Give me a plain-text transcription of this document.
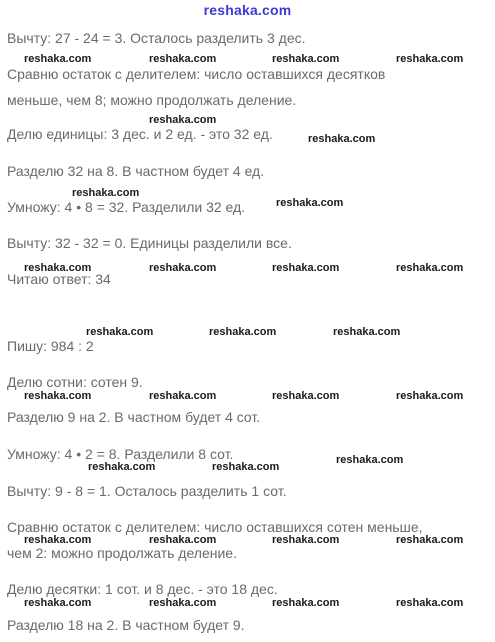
reshaka.com
Вычту: 27 - 24 = 3. Осталось разделить 3 дес.
Сравню остаток с делителем: число оставшихся десятков
меньше, чем 8; можно продолжать деление.
Делю единицы: 3 дес. и 2 ед. - это 32 ед.
Разделю 32 на 8. В частном будет 4 ед.
Умножу: 4 • 8 = 32. Разделили 32 ед.
Вычту: 32 - 32 = 0. Единицы разделили все.
Читаю ответ: 34
Пишу: 984 : 2
Делю сотни: сотен 9.
Разделю 9 на 2. В частном будет 4 сот.
Умножу: 4 • 2 = 8. Разделили 8 сот.
Вычту: 9 - 8 = 1. Осталось разделить 1 сот.
Сравню остаток с делителем: число оставшихся сотен меньше,
чем 2: можно продолжать деление.
Делю десятки: 1 сот. и 8 дес. - это 18 дес.
Разделю 18 на 2. В частном будет 9.
reshaka.com	reshaka.com	reshaka.com	reshaka.com
reshaka.com
reshaka.com
reshaka.com
reshaka.com
reshaka.com	reshaka.com	reshaka.com	reshaka.com
reshaka.com	reshaka.com	reshaka.com
reshaka.com	reshaka.com	reshaka.com	reshaka.com
reshaka.com	reshaka.com
reshaka.com
reshaka.com	reshaka.com	reshaka.com	reshaka.com
reshaka.com	reshaka.com	reshaka.com	reshaka.com
